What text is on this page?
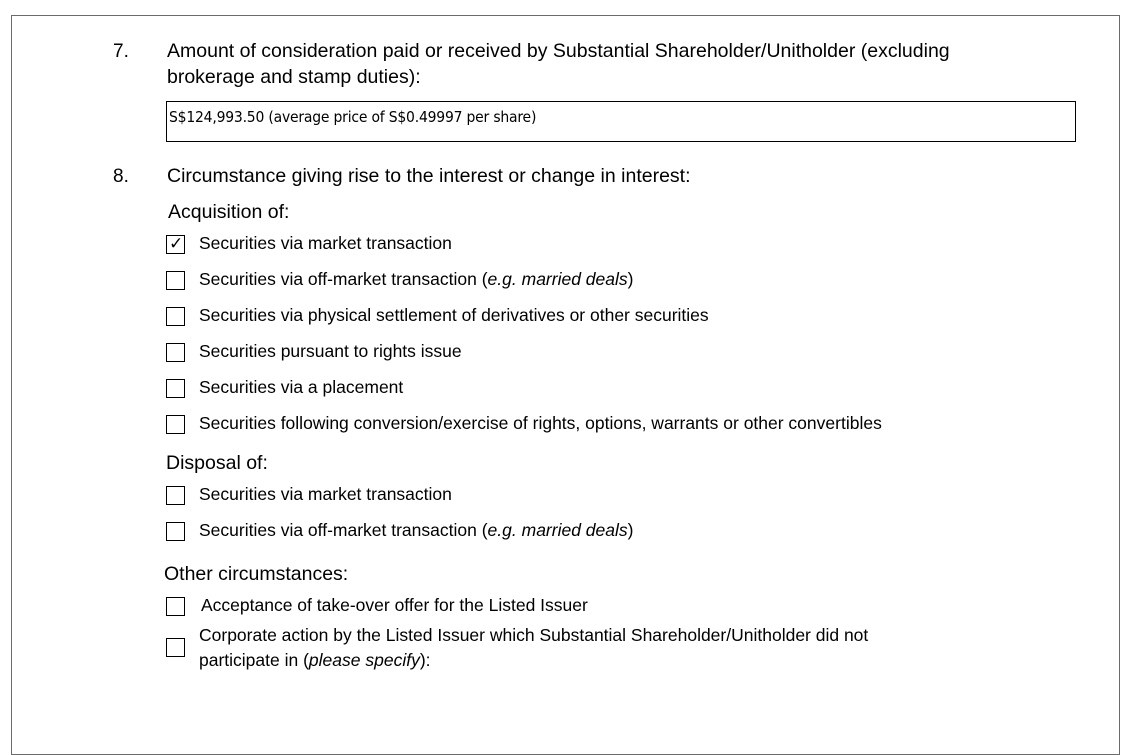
7. Amount of consideration paid or received by Substantial Shareholder/Unitholder (excluding
brokerage and stamp duties):
S$124,993.50 (average price of S$0.49997 per share)
8. Circumstance giving rise to the interest or change in interest:
Acquisition of:
✓ Securities via market transaction
Securities via off-market transaction (e.g. married deals)
Securities via physical settlement of derivatives or other securities
Securities pursuant to rights issue
Securities via a placement
Securities following conversion/exercise of rights, options, warrants or other convertibles
Disposal of:
Securities via market transaction
Securities via off-market transaction (e.g. married deals)
Other circumstances:
Acceptance of take-over offer for the Listed Issuer
Corporate action by the Listed Issuer which Substantial Shareholder/Unitholder did not
participate in (please specify):
